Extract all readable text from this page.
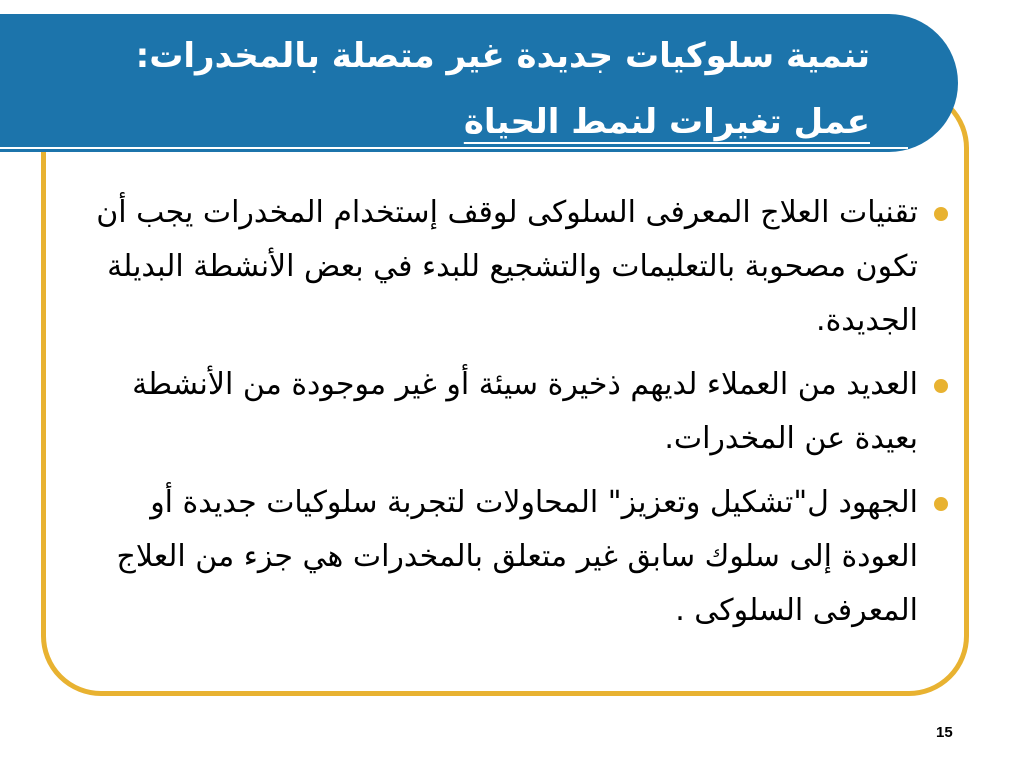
تنمية سلوكيات جديدة غير متصلة بالمخدرات:
عمل تغيرات لنمط الحياة
تقنيات العلاج المعرفى السلوكى لوقف إستخدام المخدرات يجب أن تكون مصحوبة بالتعليمات والتشجيع للبدء في بعض الأنشطة البديلة الجديدة.
العديد من العملاء لديهم ذخيرة سيئة أو غير موجودة من الأنشطة بعيدة عن المخدرات.
الجهود ل"تشكيل وتعزيز" المحاولات لتجربة سلوكيات جديدة أو العودة إلى سلوك سابق غير متعلق بالمخدرات هي جزء من العلاج المعرفى السلوكى .
15
